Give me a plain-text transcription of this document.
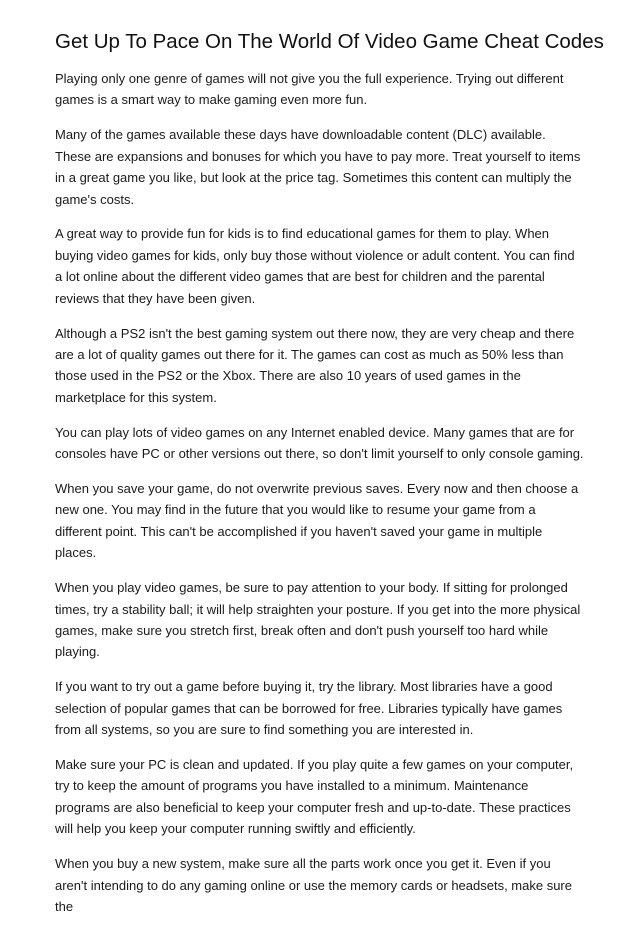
Get Up To Pace On The World Of Video Game Cheat Codes

Playing only one genre of games will not give you the full experience. Trying out different games is a smart way to make gaming even more fun.

Many of the games available these days have downloadable content (DLC) available. These are expansions and bonuses for which you have to pay more. Treat yourself to items in a great game you like, but look at the price tag. Sometimes this content can multiply the game's costs.

A great way to provide fun for kids is to find educational games for them to play. When buying video games for kids, only buy those without violence or adult content. You can find a lot online about the different video games that are best for children and the parental reviews that they have been given.

Although a PS2 isn't the best gaming system out there now, they are very cheap and there are a lot of quality games out there for it. The games can cost as much as 50% less than those used in the PS2 or the Xbox. There are also 10 years of used games in the marketplace for this system.

You can play lots of video games on any Internet enabled device. Many games that are for consoles have PC or other versions out there, so don't limit yourself to only console gaming.

When you save your game, do not overwrite previous saves. Every now and then choose a new one. You may find in the future that you would like to resume your game from a different point. This can't be accomplished if you haven't saved your game in multiple places.

When you play video games, be sure to pay attention to your body. If sitting for prolonged times, try a stability ball; it will help straighten your posture. If you get into the more physical games, make sure you stretch first, break often and don't push yourself too hard while playing.

If you want to try out a game before buying it, try the library. Most libraries have a good selection of popular games that can be borrowed for free. Libraries typically have games from all systems, so you are sure to find something you are interested in.

Make sure your PC is clean and updated. If you play quite a few games on your computer, try to keep the amount of programs you have installed to a minimum. Maintenance programs are also beneficial to keep your computer fresh and up-to-date. These practices will help you keep your computer running swiftly and efficiently.

When you buy a new system, make sure all the parts work once you get it. Even if you aren't intending to do any gaming online or use the memory cards or headsets, make sure the
